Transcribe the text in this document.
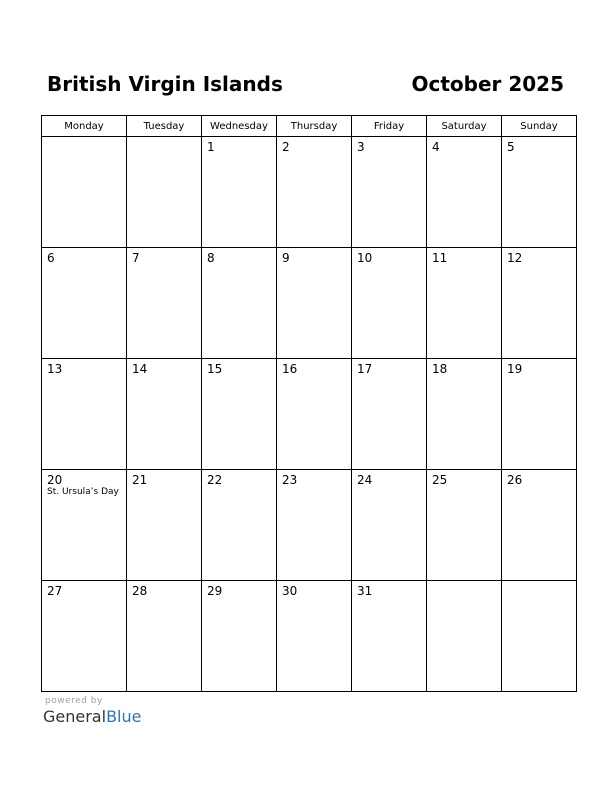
British Virgin Islands	October 2025
Monday	Tuesday	Wednesday	Thursday	Friday	Saturday	Sunday

		1	2	3	4	5

6	7	8	9	10	11	12

13	14	15	16	17	18	19

20
St. Ursula’s Day	21	22	23	24	25	26

27	28	29	30	31		

powered by
GeneralBlue
